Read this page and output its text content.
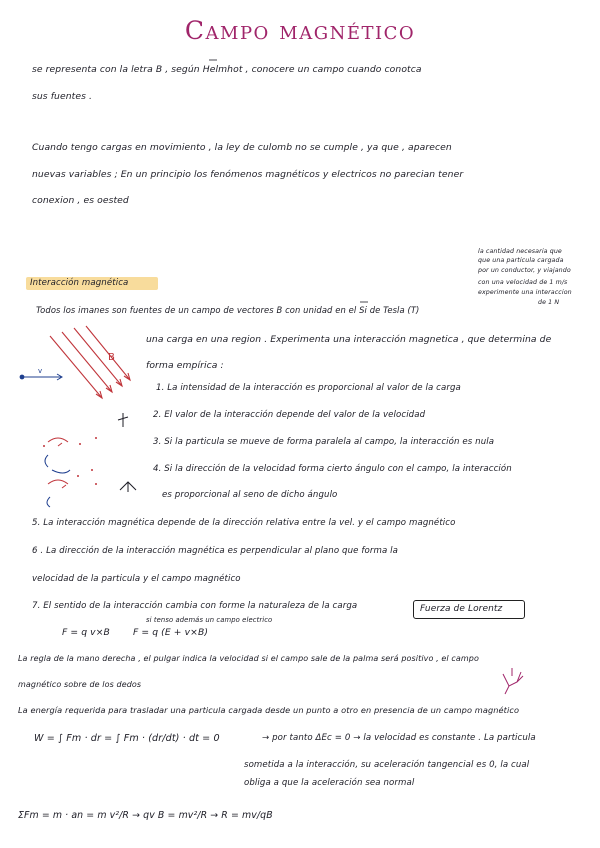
Campo magnético
se representa con la letra B , según Helmhot , conocere un campo cuando conotca
sus fuentes .
Cuando tengo cargas en movimiento , la ley de culomb no se cumple , ya que , aparecen
nuevas variables ; En un principio los fenómenos magnéticos y electricos no parecian tener
conexion , es oested
la cantidad necesaria que
que una particula cargada
por un conductor, y viajando
con una velocidad de 1 m/s
experimente una interaccion
de 1 N
Interacción magnética
Todos los imanes son fuentes de un campo de vectores B con unidad en el Si de Tesla (T)
una carga en una region . Experimenta una interacción magnetica , que determina de
forma empírica :
1. La intensidad de la interacción es proporcional al valor de la carga
2. El valor de la interacción depende del valor de la velocidad
3. Si la particula se mueve de forma paralela al campo, la interacción es nula
4. Si la dirección de la velocidad forma cierto ángulo con el campo, la interacción
es proporcional al seno de dicho ángulo
5. La interacción magnética depende de la dirección relativa entre la vel. y el campo magnético
6 . La dirección de la interacción magnética es perpendicular al plano que forma la
velocidad de la particula y el campo magnético
7. El sentido de la interacción cambia con forme la naturaleza de la carga	Fuerza de Lorentz
si tenso además un campo electrico
F = q v×B	F = q (E + v×B)
La regla de la mano derecha , el pulgar indica la velocidad si el campo sale de la palma será positivo , el campo
magnético sobre de los dedos
La energía requerida para trasladar una particula cargada desde un punto a otro en presencia de un campo magnético
W = ∫ Fm · dr = ∫ Fm · (dr/dt) · dt = 0	→ por tanto ΔEc = 0 → la velocidad es constante . La particula
sometida a la interacción, su aceleración tangencial es 0, la cual
obliga a que la aceleración sea normal
ΣFm = m · an = m v²/R → qv B = mv²/R → R = mv/qB
B
v
